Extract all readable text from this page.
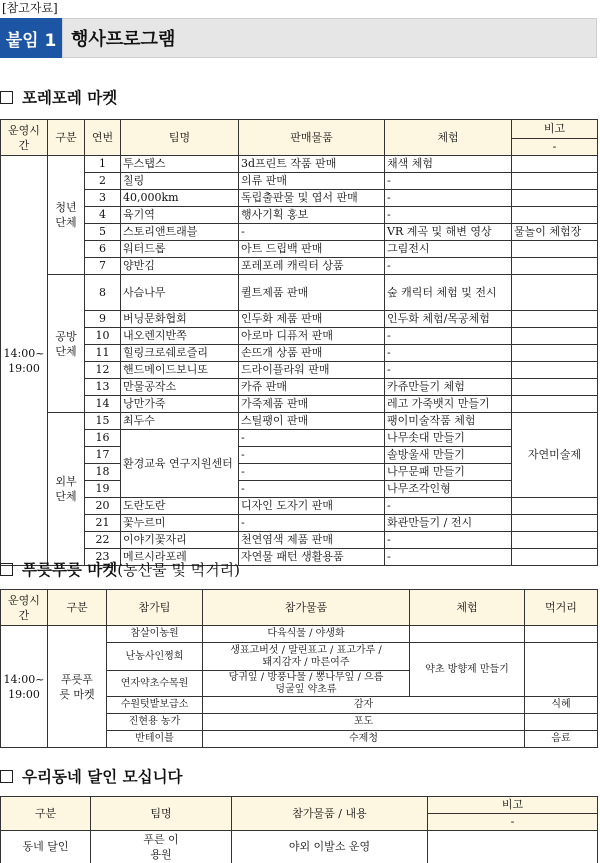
[참고자료]
붙임 1 행사프로그램
포레포레 마켓
운영시간	구분	연번	팀명	판매물품	체험	비고
						-
14:00~ 19:00	청년 단체	1	투스탭스	3d프린트 작품 판매	채색 체험	
		2	칠링	의류 판매	-	
		3	40,000km	독립출판물 및 엽서 판매	-	
		4	육기역	행사기획 홍보	-	
		5	스토리앤트래블	-	VR 계곡 및 해변 영상	물놀이 체험장
		6	워터드롭	아트 드립백 판매	그림전시	
		7	양반김	포레포레 캐릭터 상품	-	
	공방 단체	8	사슴나무	퀼트제품 판매	숲 캐릭터 체험 및 전시	
		9	버닝문화협회	인두화 제품 판매	인두화 체험/목공체험	
		10	내오렌지반쪽	아로마 디퓨저 판매	-	
		11	힐링크로쉐로즐리	손뜨개 상품 판매	-	
		12	핸드메이드보니또	드라이플라워 판매	-	
		13	만물공작소	카쥬 판매	카쥬만들기 체험	
		14	낭만가죽	가죽제품 판매	레고 가죽뱃지 만들기	
	외부 단체	15	최두수	스틸팽이 판매	팽이미술작품 체험	자연미술제
		16	환경교육 연구지원센터	-	나무솟대 만들기	
		17		-	솔방울새 만들기	
		18		-	나무문패 만들기	
		19		-	나무조각인형	
		20	도란도란	디자인 도자기 판매	-	
		21	꽃누르미	-	화관만들기 / 전시	
		22	이야기꽃자리	천연염색 제품 판매	-	
		23	메르시라포레	자연물 패턴 생활용품	-	
푸릇푸릇 마켓 (농산물 및 먹거리)
운영시간	구분	참가팀	참가물품	체험	먹거리
14:00~ 19:00	푸릇푸릇 마켓	참살이농원	다육식물 / 야생화		
		난농사인쩡희	생표고버섯 / 말린표고 / 표고가루 / 돼지감자 / 마른여주	약초 방향제 만들기	
		연자약초수목원	당귀잎 / 방풍나물 / 뽕나무잎 / 으름덩굴잎 약초류		
		수원텃밭보급소	감자		식혜
		진현용 농가	포도		
		반테이블	수제청		음료
우리동네 달인 모십니다
구분	팀명	참가물품 / 내용	비고
			-
동네 달인	푸른 이용원	야외 이발소 운영	
